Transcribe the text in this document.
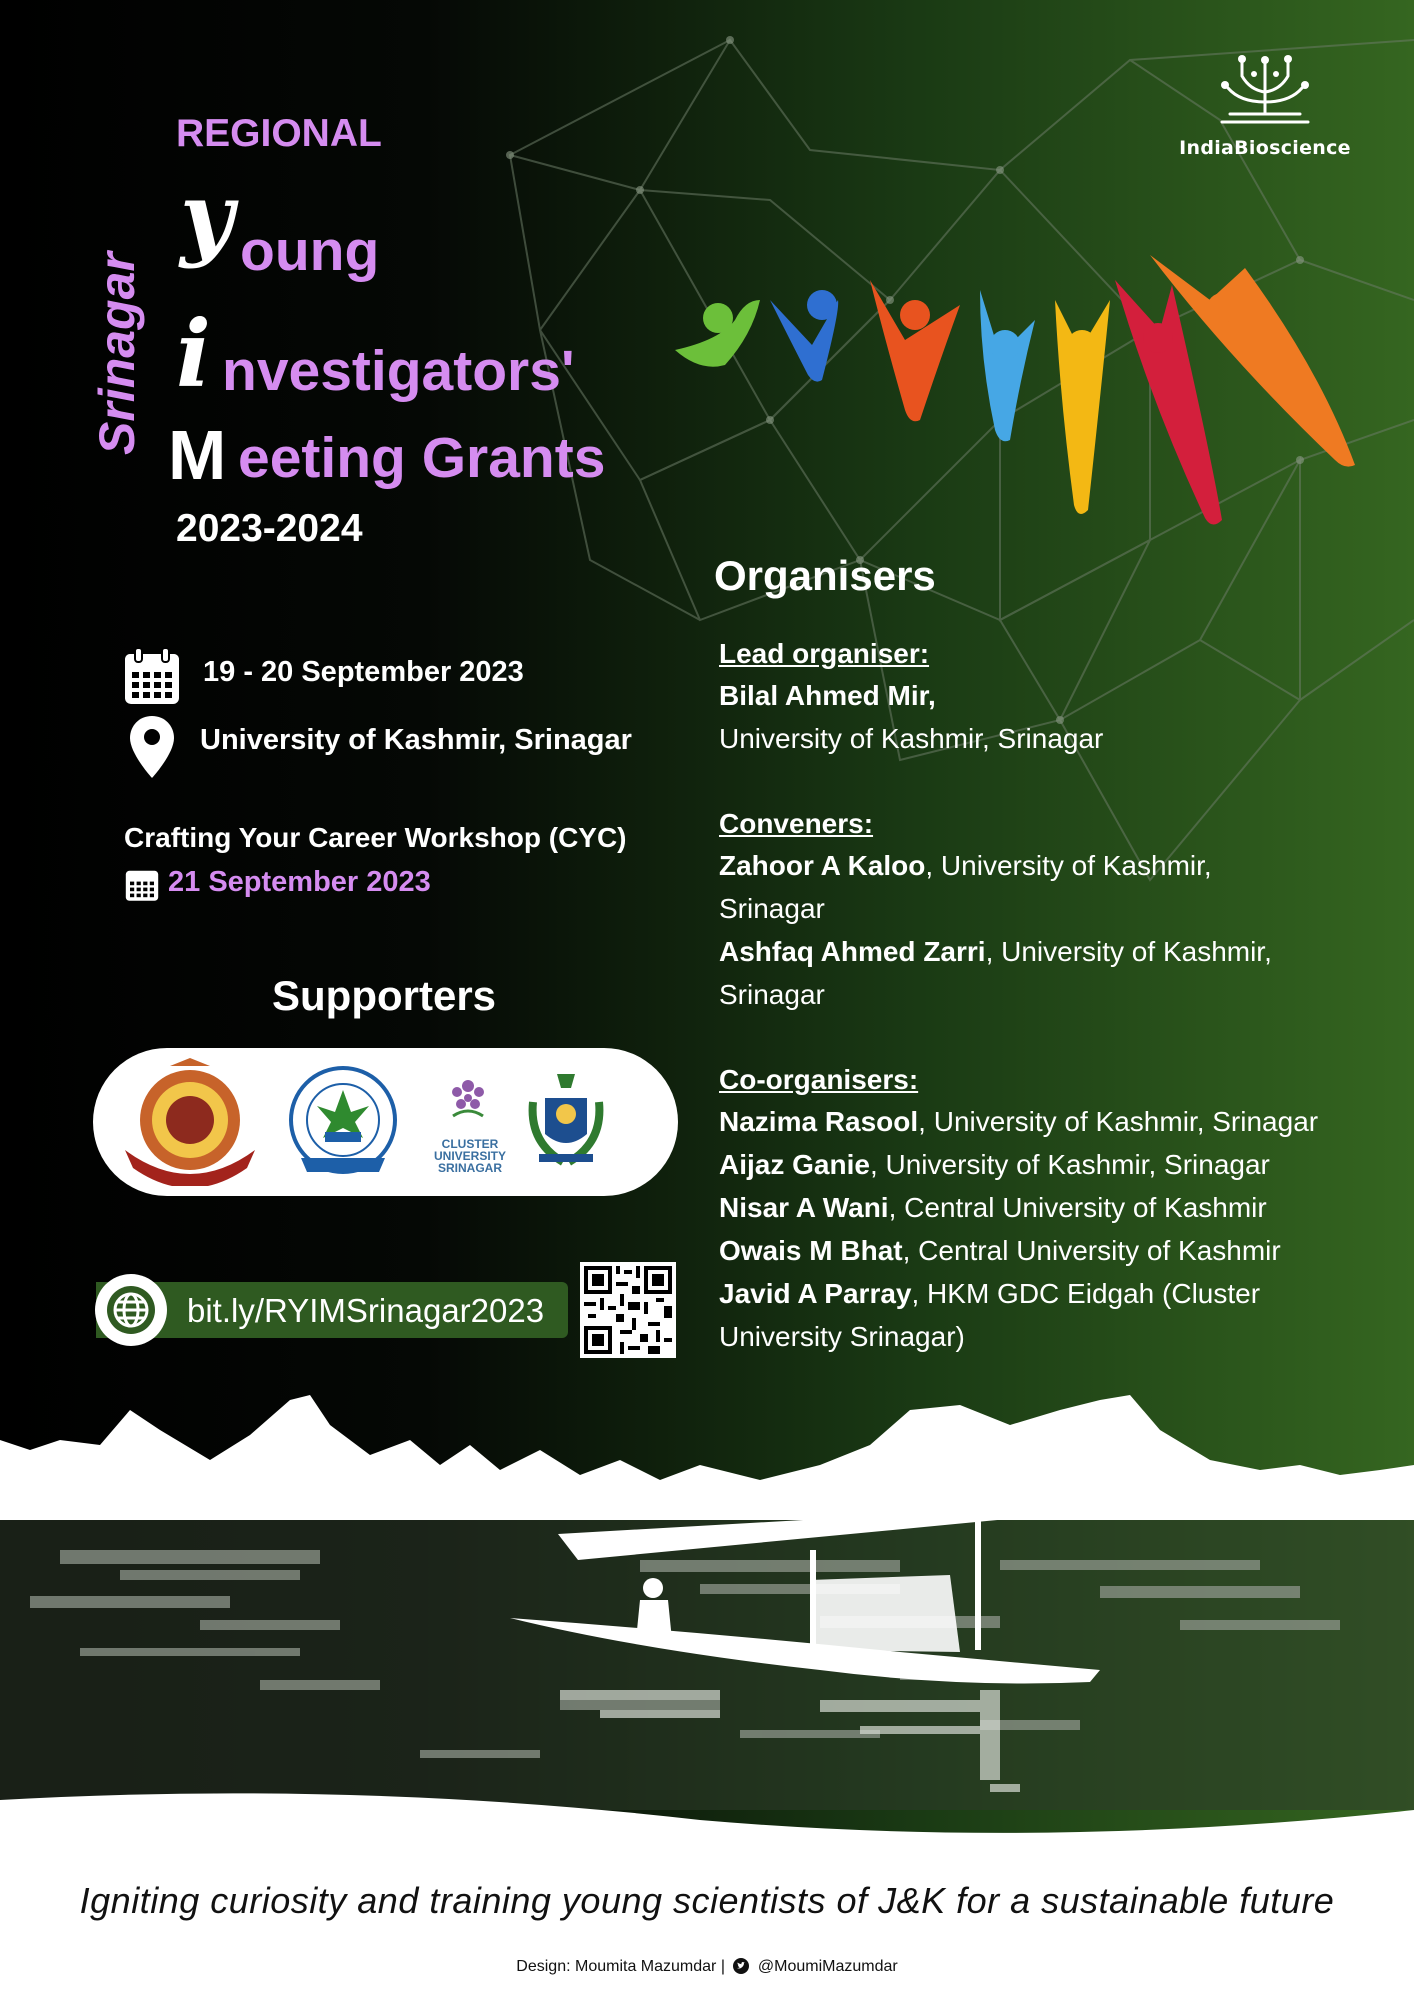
IndiaBioscience
REGIONAL
Srinagar
y oung
i nvestigators'
M eeting Grants
2023-2024
19 - 20 September 2023
University of Kashmir, Srinagar
Crafting Your Career Workshop (CYC)
21 September 2023
Supporters
CLUSTER UNIVERSITY SRINAGAR
bit.ly/RYIMSrinagar2023
Organisers
Lead organiser:
Bilal Ahmed Mir,
University of Kashmir, Srinagar
Conveners:
Zahoor A Kaloo, University of Kashmir,
Srinagar
Ashfaq Ahmed Zarri, University of Kashmir,
Srinagar
Co-organisers:
Nazima Rasool, University of Kashmir, Srinagar
Aijaz Ganie, University of Kashmir, Srinagar
Nisar A Wani, Central University of Kashmir
Owais M Bhat, Central University of Kashmir
Javid A Parray, HKM GDC Eidgah (Cluster
University Srinagar)
Igniting curiosity and training young scientists of J&K for a sustainable future
Design: Moumita Mazumdar | @MoumiMazumdar
